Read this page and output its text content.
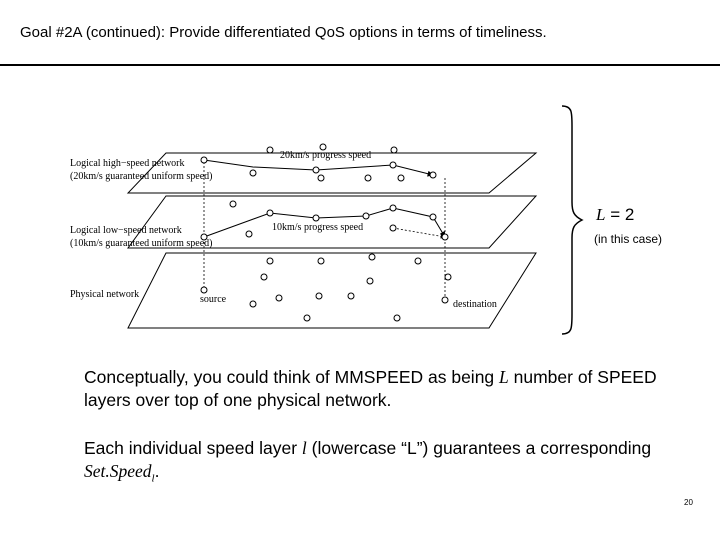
Goal #2A (continued): Provide differentiated QoS options in terms of timeliness.
Logical high−speed network
(20km/s guaranteed uniform speed)
Logical low−speed network
(10km/s guaranteed uniform speed)
Physical network
20km/s progress speed
10km/s progress speed
source	destination
L = 2
(in this case)
Conceptually, you could think of MMSPEED as being L number of SPEED layers over top of one physical network.
Each individual speed layer l (lowercase “L”) guarantees a corresponding Set.Speed$_l$.
20
